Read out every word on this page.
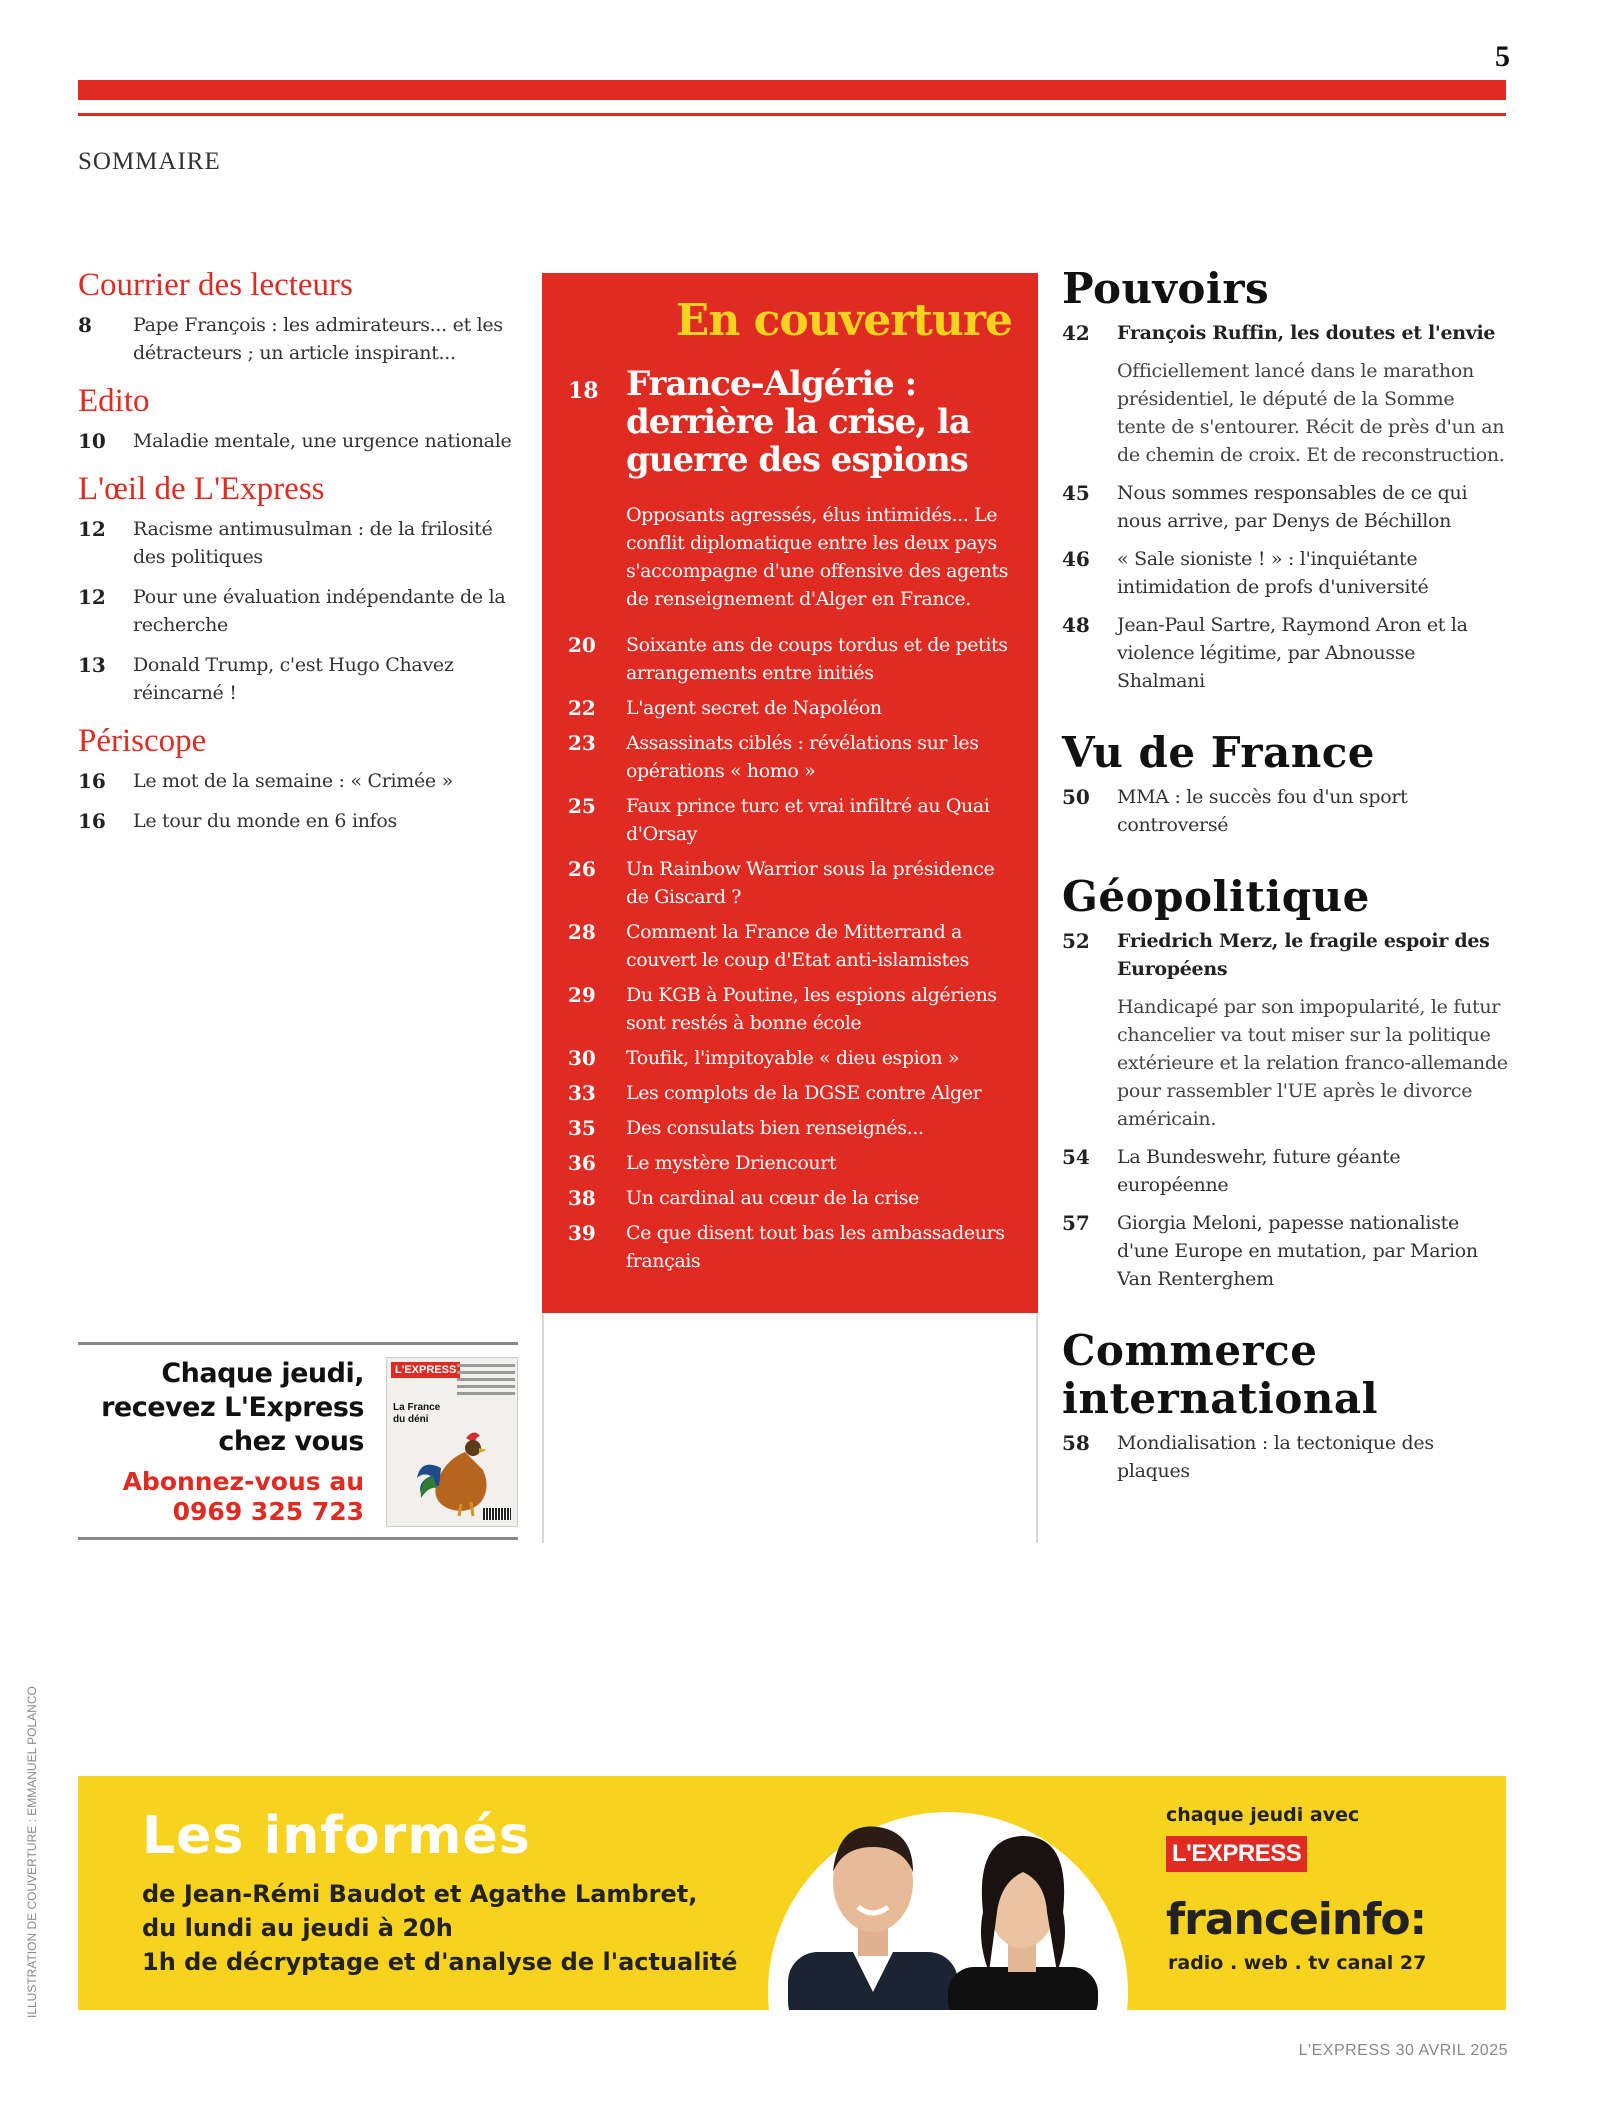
5
SOMMAIRE
Courrier des lecteurs
8	Pape François : les admirateurs... et les détracteurs ; un article inspirant...
Edito
10	Maladie mentale, une urgence nationale
L'œil de L'Express
12	Racisme antimusulman : de la frilosité des politiques
12	Pour une évaluation indépendante de la recherche
13	Donald Trump, c'est Hugo Chavez réincarné !
Périscope
16	Le mot de la semaine : « Crimée »
16	Le tour du monde en 6 infos
En couverture
18 France-Algérie : derrière la crise, la guerre des espions
Opposants agressés, élus intimidés... Le conflit diplomatique entre les deux pays s'accompagne d'une offensive des agents de renseignement d'Alger en France.
20	Soixante ans de coups tordus et de petits arrangements entre initiés
22	L'agent secret de Napoléon
23	Assassinats ciblés : révélations sur les opérations « homo »
25	Faux prince turc et vrai infiltré au Quai d'Orsay
26	Un Rainbow Warrior sous la présidence de Giscard ?
28	Comment la France de Mitterrand a couvert le coup d'Etat anti-islamistes
29	Du KGB à Poutine, les espions algériens sont restés à bonne école
30	Toufik, l'impitoyable « dieu espion »
33	Les complots de la DGSE contre Alger
35	Des consulats bien renseignés...
36	Le mystère Driencourt
38	Un cardinal au cœur de la crise
39	Ce que disent tout bas les ambassadeurs français
Pouvoirs
42	François Ruffin, les doutes et l'envie
Officiellement lancé dans le marathon présidentiel, le député de la Somme tente de s'entourer. Récit de près d'un an de chemin de croix. Et de reconstruction.
45	Nous sommes responsables de ce qui nous arrive, par Denys de Béchillon
46	« Sale sioniste ! » : l'inquiétante intimidation de profs d'université
48	Jean-Paul Sartre, Raymond Aron et la violence légitime, par Abnousse Shalmani
Vu de France
50	MMA : le succès fou d'un sport controversé
Géopolitique
52	Friedrich Merz, le fragile espoir des Européens
Handicapé par son impopularité, le futur chancelier va tout miser sur la politique extérieure et la relation franco-allemande pour rassembler l'UE après le divorce américain.
54	La Bundeswehr, future géante européenne
57	Giorgia Meloni, papesse nationaliste d'une Europe en mutation, par Marion Van Renterghem
Commerce international
58	Mondialisation : la tectonique des plaques
Chaque jeudi,
recevez L'Express
chez vous
Abonnez-vous au
0969 325 723
L'EXPRESS
La France du déni
Les informés
de Jean-Rémi Baudot et Agathe Lambret,
du lundi au jeudi à 20h
1h de décryptage et d'analyse de l'actualité
chaque jeudi avec
L'EXPRESS
franceinfo:
radio . web . tv canal 27
ILLUSTRATION DE COUVERTURE : EMMANUEL POLANCO
L'EXPRESS 30 AVRIL 2025
